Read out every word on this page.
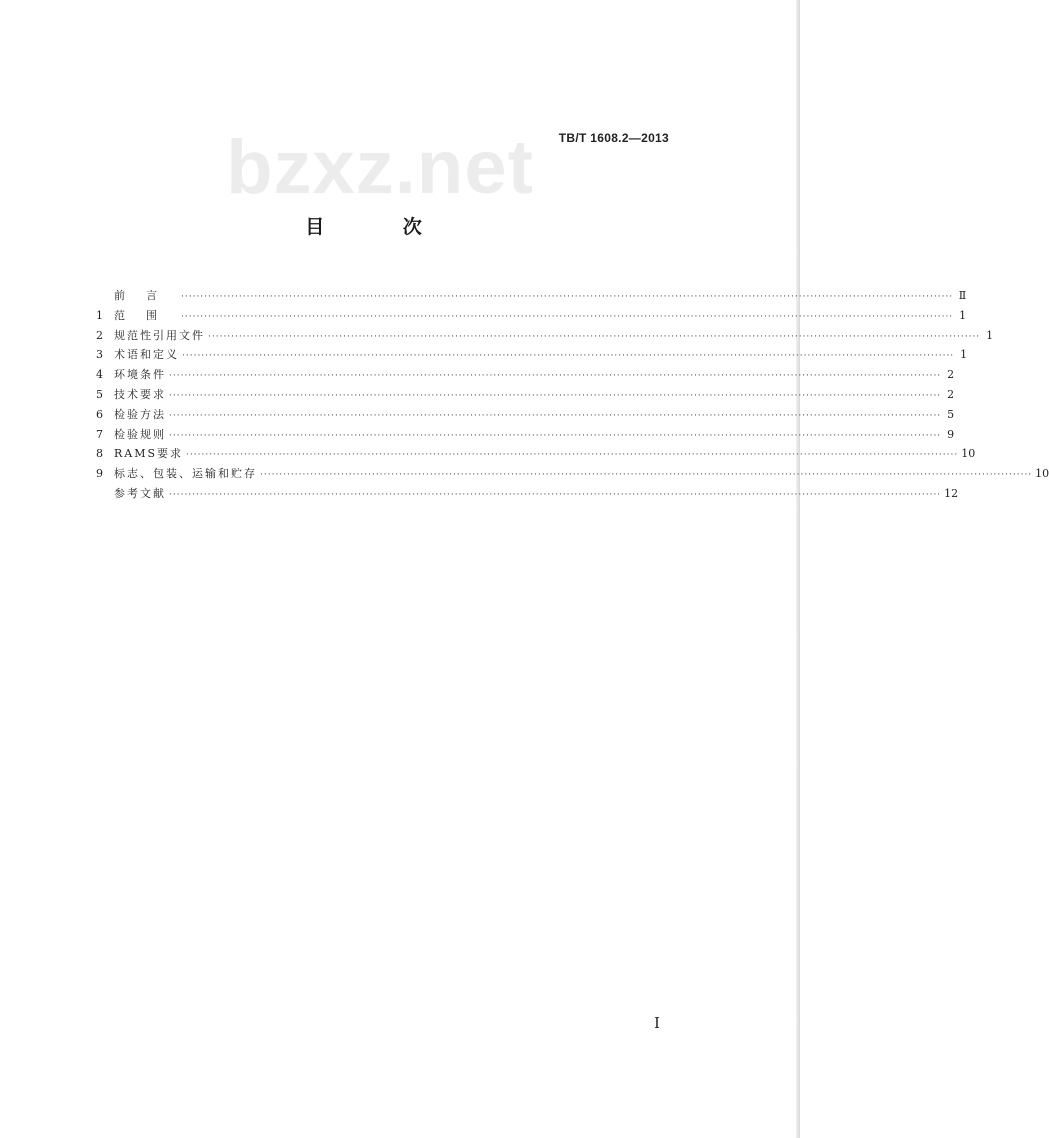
TB/T 1608.2—2013
bzxz.net
目 次
前言 ········································································································································································································ Ⅱ
1	范围 ········································································································································································································ 1
2	规范性引用文件 ········································································································································································································ 1
3	术语和定义 ········································································································································································································ 1
4	环境条件 ········································································································································································································ 2
5	技术要求 ········································································································································································································ 2
6	检验方法 ········································································································································································································ 5
7	检验规则 ········································································································································································································ 9
8	RAMS要求 ········································································································································································································ 10
9	标志、包装、运输和贮存 ········································································································································································································ 10
参考文献 ········································································································································································································ 12
I
